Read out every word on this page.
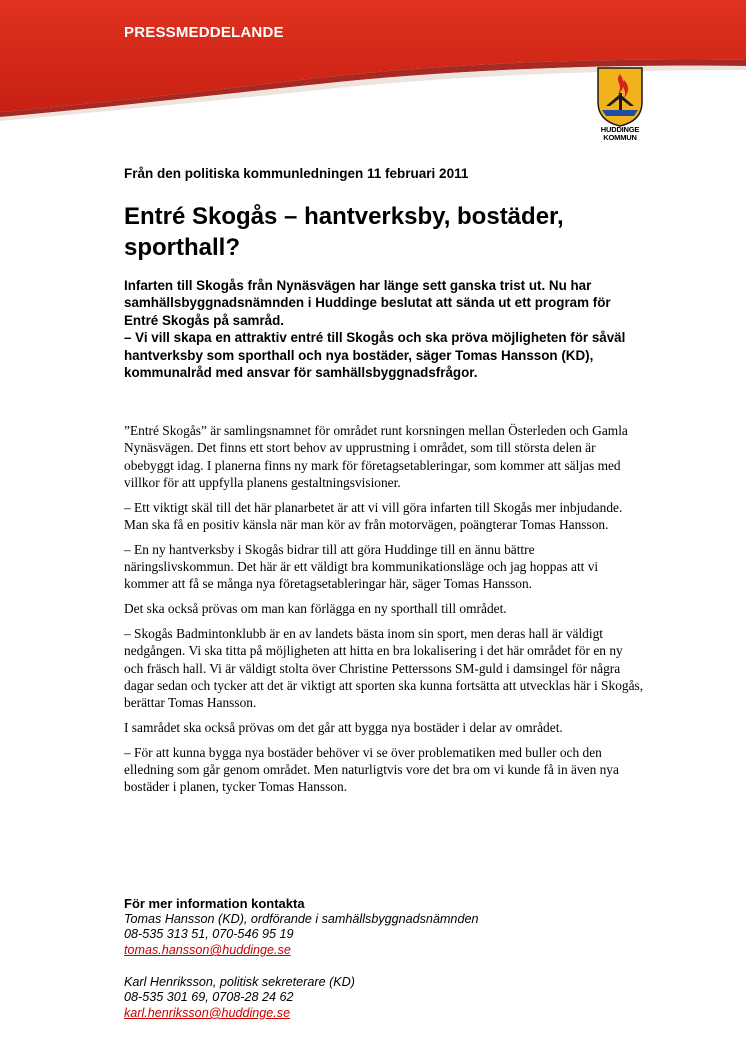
PRESSMEDDELANDE
HUDDINGE
KOMMUN
Från den politiska kommunledningen 11 februari 2011
Entré Skogås – hantverksby, bostäder, sporthall?

Infarten till Skogås från Nynäsvägen har länge sett ganska trist ut. Nu har samhällsbyggnadsnämnden i Huddinge beslutat att sända ut ett program för Entré Skogås på samråd.

– Vi vill skapa en attraktiv entré till Skogås och ska pröva möjligheten för såväl hantverksby som sporthall och nya bostäder, säger Tomas Hansson (KD), kommunalråd med ansvar för samhällsbyggnadsfrågor.

”Entré Skogås” är samlingsnamnet för området runt korsningen mellan Österleden och Gamla Nynäsvägen. Det finns ett stort behov av upprustning i området, som till största delen är obebyggt idag. I planerna finns ny mark för företagsetableringar, som kommer att säljas med villkor för att uppfylla planens gestaltningsvisioner.

– Ett viktigt skäl till det här planarbetet är att vi vill göra infarten till Skogås mer inbjudande. Man ska få en positiv känsla när man kör av från motorvägen, poängterar Tomas Hansson.

– En ny hantverksby i Skogås bidrar till att göra Huddinge till en ännu bättre näringslivskommun. Det här är ett väldigt bra kommunikationsläge och jag hoppas att vi kommer att få se många nya företagsetableringar här, säger Tomas Hansson.

Det ska också prövas om man kan förlägga en ny sporthall till området.

– Skogås Badmintonklubb är en av landets bästa inom sin sport, men deras hall är väldigt nedgången. Vi ska titta på möjligheten att hitta en bra lokalisering i det här området för en ny och fräsch hall. Vi är väldigt stolta över Christine Petterssons SM-guld i damsingel för några dagar sedan och tycker att det är viktigt att sporten ska kunna fortsätta att utvecklas här i Skogås, berättar Tomas Hansson.

I samrådet ska också prövas om det går att bygga nya bostäder i delar av området.

– För att kunna bygga nya bostäder behöver vi se över problematiken med buller och den elledning som går genom området. Men naturligtvis vore det bra om vi kunde få in även nya bostäder i planen, tycker Tomas Hansson.

För mer information kontakta
Tomas Hansson (KD), ordförande i samhällsbyggnadsnämnden
08-535 313 51, 070-546 95 19
tomas.hansson@huddinge.se
Karl Henriksson, politisk sekreterare (KD)
08-535 301 69, 0708-28 24 62
karl.henriksson@huddinge.se
